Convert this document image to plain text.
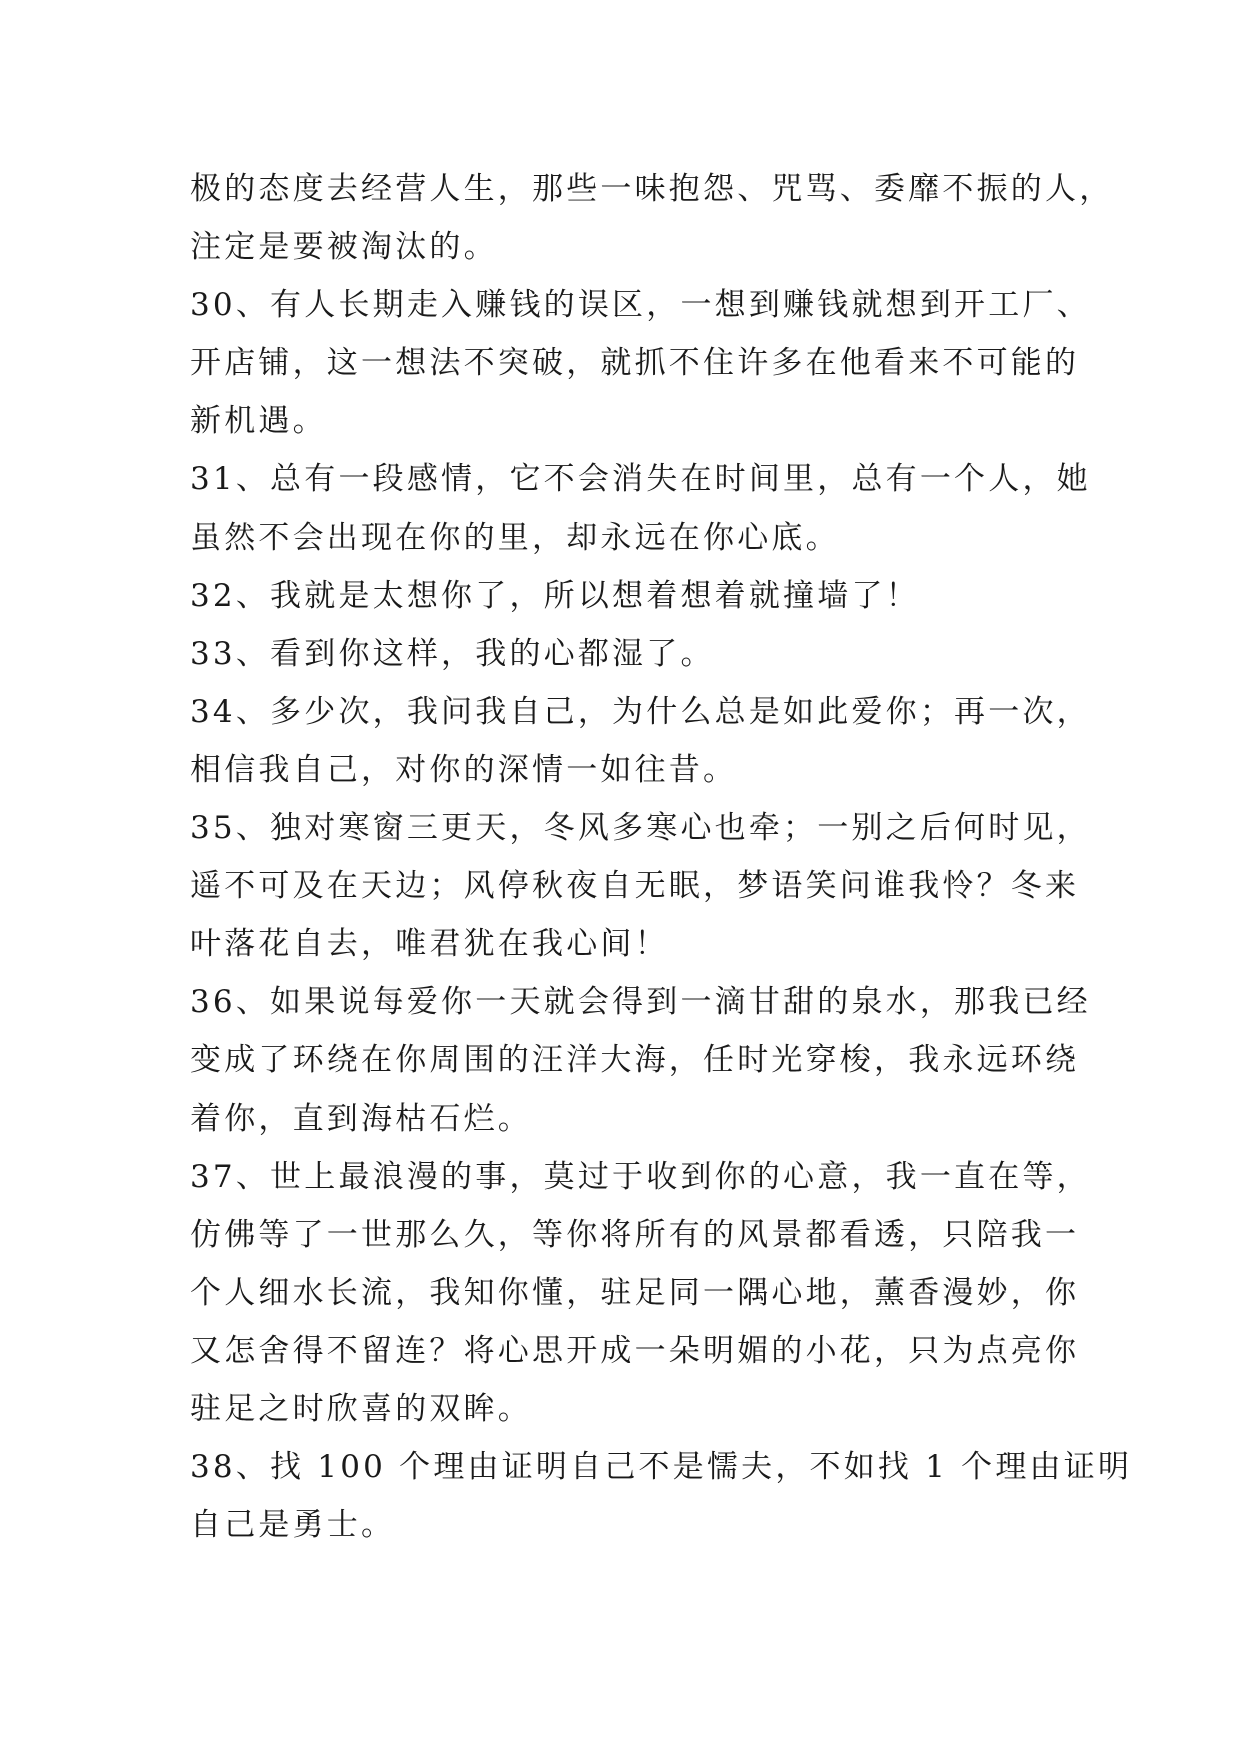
极的态度去经营人生，那些一味抱怨、咒骂、委靡不振的人，
注定是要被淘汰的。
30、有人长期走入赚钱的误区，一想到赚钱就想到开工厂、
开店铺，这一想法不突破，就抓不住许多在他看来不可能的
新机遇。
31、总有一段感情，它不会消失在时间里，总有一个人，她
虽然不会出现在你的里，却永远在你心底。
32、我就是太想你了，所以想着想着就撞墙了！
33、看到你这样，我的心都湿了。
34、多少次，我问我自己，为什么总是如此爱你；再一次，
相信我自己，对你的深情一如往昔。
35、独对寒窗三更天，冬风多寒心也牵；一别之后何时见，
遥不可及在天边；风停秋夜自无眠，梦语笑问谁我怜？冬来
叶落花自去，唯君犹在我心间！
36、如果说每爱你一天就会得到一滴甘甜的泉水，那我已经
变成了环绕在你周围的汪洋大海，任时光穿梭，我永远环绕
着你，直到海枯石烂。
37、世上最浪漫的事，莫过于收到你的心意，我一直在等，
仿佛等了一世那么久，等你将所有的风景都看透，只陪我一
个人细水长流，我知你懂，驻足同一隅心地，薰香漫妙，你
又怎舍得不留连？将心思开成一朵明媚的小花，只为点亮你
驻足之时欣喜的双眸。
38、找 100 个理由证明自己不是懦夫，不如找 1 个理由证明
自己是勇士。
